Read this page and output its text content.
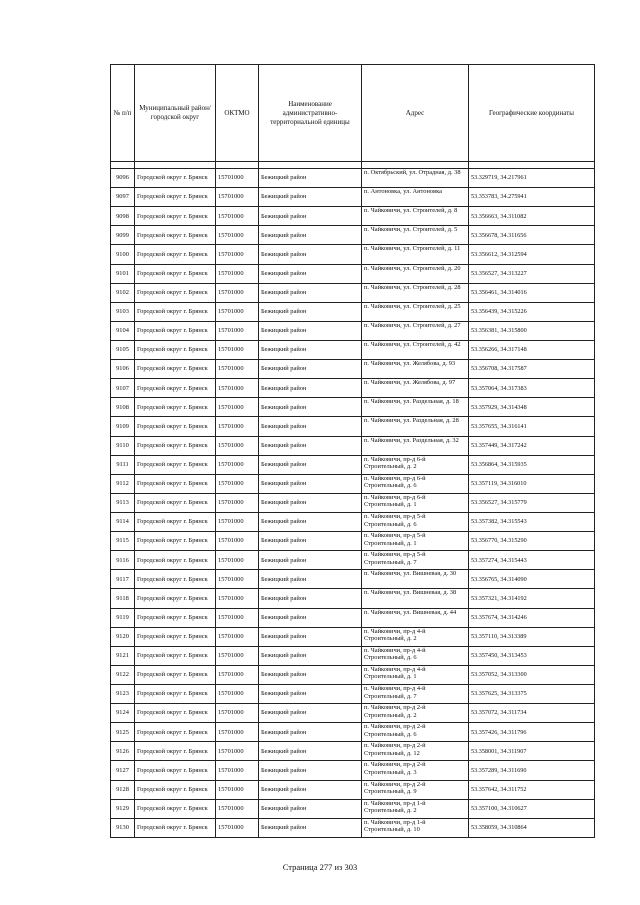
№ п/п	Муниципальный район/городской округ	ОКТМО	Наименование административно-территориальной единицы	Адрес	Географические координаты

9096	Городской округ г. Брянск	15701000	Бежицкий район	п. Октябрьский, ул. Отрадная, д. 38	53.329719, 34.217961
9097	Городской округ г. Брянск	15701000	Бежицкий район	п. Антоновка, ул. Антоновка	53.353783, 34.275941
9098	Городской округ г. Брянск	15701000	Бежицкий район	п. Чайковичи, ул. Строителей, д. 8	53.356663, 34.311082
9099	Городской округ г. Брянск	15701000	Бежицкий район	п. Чайковичи, ул. Строителей, д. 5	53.356678, 34.311656
9100	Городской округ г. Брянск	15701000	Бежицкий район	п. Чайковичи, ул. Строителей, д. 11	53.356612, 34.312594
9101	Городской округ г. Брянск	15701000	Бежицкий район	п. Чайковичи, ул. Строителей, д. 20	53.356527, 34.313227
9102	Городской округ г. Брянск	15701000	Бежицкий район	п. Чайковичи, ул. Строителей, д. 28	53.356461, 34.314016
9103	Городской округ г. Брянск	15701000	Бежицкий район	п. Чайковичи, ул. Строителей, д. 25	53.356439, 34.315226
9104	Городской округ г. Брянск	15701000	Бежицкий район	п. Чайковичи, ул. Строителей, д. 27	53.356381, 34.315800
9105	Городской округ г. Брянск	15701000	Бежицкий район	п. Чайковичи, ул. Строителей, д. 42	53.356266, 34.317148
9106	Городской округ г. Брянск	15701000	Бежицкий район	п. Чайковичи, ул. Желябова, д. 93	53.356708, 34.317587
9107	Городской округ г. Брянск	15701000	Бежицкий район	п. Чайковичи, ул. Желябова, д. 97	53.357064, 34.317383
9108	Городской округ г. Брянск	15701000	Бежицкий район	п. Чайковичи, ул. Раздельная, д. 18	53.357929, 34.314348
9109	Городской округ г. Брянск	15701000	Бежицкий район	п. Чайковичи, ул. Раздельная, д. 28	53.357655, 34.316141
9110	Городской округ г. Брянск	15701000	Бежицкий район	п. Чайковичи, ул. Раздельная, д. 32	53.357449, 34.317242
9111	Городской округ г. Брянск	15701000	Бежицкий район	п. Чайковичи, пр-д 6-й Строительный, д. 2	53.356864, 34.315935
9112	Городской округ г. Брянск	15701000	Бежицкий район	п. Чайковичи, пр-д 6-й Строительный, д. 6	53.357119, 34.316010
9113	Городской округ г. Брянск	15701000	Бежицкий район	п. Чайковичи, пр-д 6-й Строительный, д. 1	53.356527, 34.315779
9114	Городской округ г. Брянск	15701000	Бежицкий район	п. Чайковичи, пр-д 5-й Строительный, д. 6	53.357382, 34.315543
9115	Городской округ г. Брянск	15701000	Бежицкий район	п. Чайковичи, пр-д 5-й Строительный, д. 1	53.356770, 34.315290
9116	Городской округ г. Брянск	15701000	Бежицкий район	п. Чайковичи, пр-д 5-й Строительный, д. 7	53.357274, 34.315443
9117	Городской округ г. Брянск	15701000	Бежицкий район	п. Чайковичи, ул. Вишневая, д. 30	53.356765, 34.314090
9118	Городской округ г. Брянск	15701000	Бежицкий район	п. Чайковичи, ул. Вишневая, д. 38	53.357321, 34.314192
9119	Городской округ г. Брянск	15701000	Бежицкий район	п. Чайковичи, ул. Вишневая, д. 44	53.357674, 34.314246
9120	Городской округ г. Брянск	15701000	Бежицкий район	п. Чайковичи, пр-д 4-й Строительный, д. 2	53.357110, 34.313389
9121	Городской округ г. Брянск	15701000	Бежицкий район	п. Чайковичи, пр-д 4-й Строительный, д. 6	53.357450, 34.313453
9122	Городской округ г. Брянск	15701000	Бежицкий район	п. Чайковичи, пр-д 4-й Строительный, д. 1	53.357052, 34.313300
9123	Городской округ г. Брянск	15701000	Бежицкий район	п. Чайковичи, пр-д 4-й Строительный, д. 7	53.357625, 34.313375
9124	Городской округ г. Брянск	15701000	Бежицкий район	п. Чайковичи, пр-д 2-й Строительный, д. 2	53.357072, 34.311734
9125	Городской округ г. Брянск	15701000	Бежицкий район	п. Чайковичи, пр-д 2-й Строительный, д. 6	53.357426, 34.311796
9126	Городской округ г. Брянск	15701000	Бежицкий район	п. Чайковичи, пр-д 2-й Строительный, д. 12	53.358001, 34.311907
9127	Городской округ г. Брянск	15701000	Бежицкий район	п. Чайковичи, пр-д 2-й Строительный, д. 3	53.357289, 34.311690
9128	Городской округ г. Брянск	15701000	Бежицкий район	п. Чайковичи, пр-д 2-й Строительный, д. 9	53.357642, 34.311752
9129	Городской округ г. Брянск	15701000	Бежицкий район	п. Чайковичи, пр-д 1-й Строительный, д. 2	53.357100, 34.310627
9130	Городской округ г. Брянск	15701000	Бежицкий район	п. Чайковичи, пр-д 1-й Строительный, д. 10	53.358059, 34.310864
Страница 277 из 303
